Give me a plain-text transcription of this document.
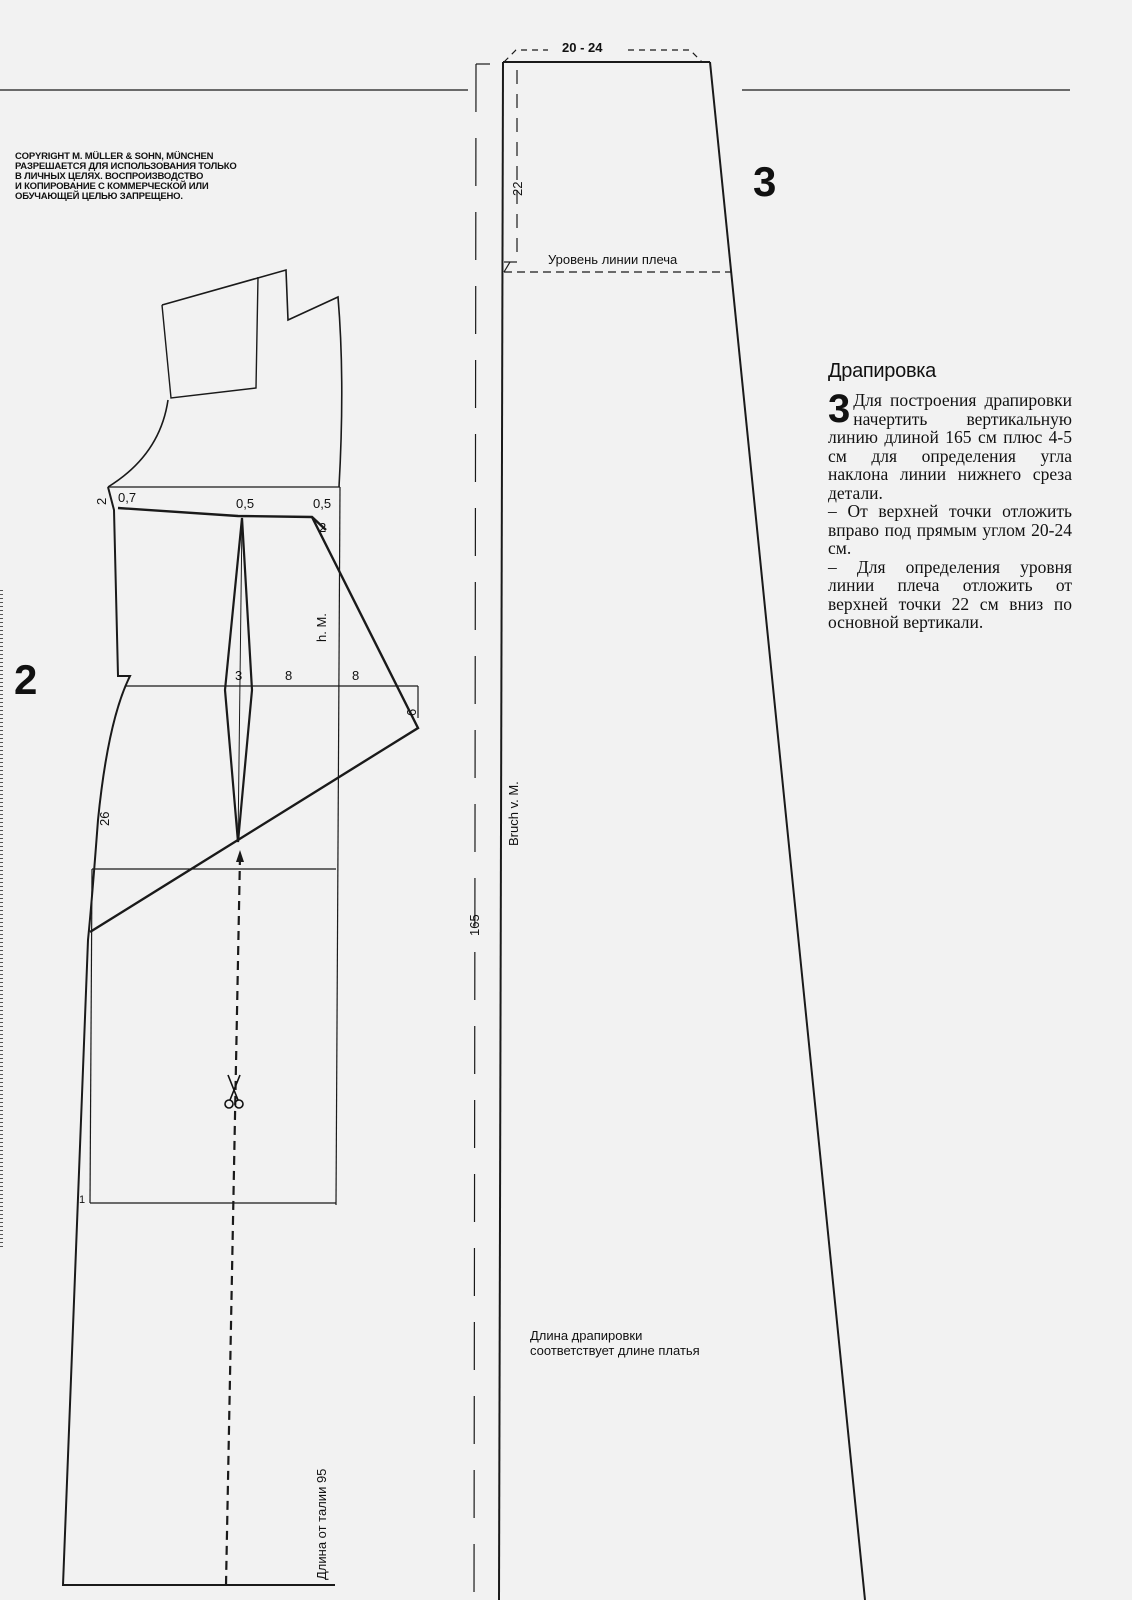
COPYRIGHT M. MÜLLER & SOHN, MÜNCHEN
РАЗРЕШАЕТСЯ ДЛЯ ИСПОЛЬЗОВАНИЯ ТОЛЬКО
В ЛИЧНЫХ ЦЕЛЯХ. ВОСПРОИЗВОДСТВО
И КОПИРОВАНИЕ С КОММЕРЧЕСКОЙ ИЛИ
ОБУЧАЮЩЕЙ ЦЕЛЬЮ ЗАПРЕЩЕНО.
2
3
2 0,7	0,5	0,5
2
h. M.
3	8	8
6
26
1
Длина от талии 95
20 - 24
22
Уровень линии плеча
Bruch v. M.
165
Длина драпировки
соответствует длине платья
Драпировка

3 Для построения драпировки начертить вертикальную линию длиной 165 см плюс 4-5 см для определения угла наклона линии нижнего среза детали.

– От верхней точки отложить вправо под прямым углом 20-24 см.

– Для определения уровня линии плеча отложить от верхней точки 22 см вниз по основной вертикали.
